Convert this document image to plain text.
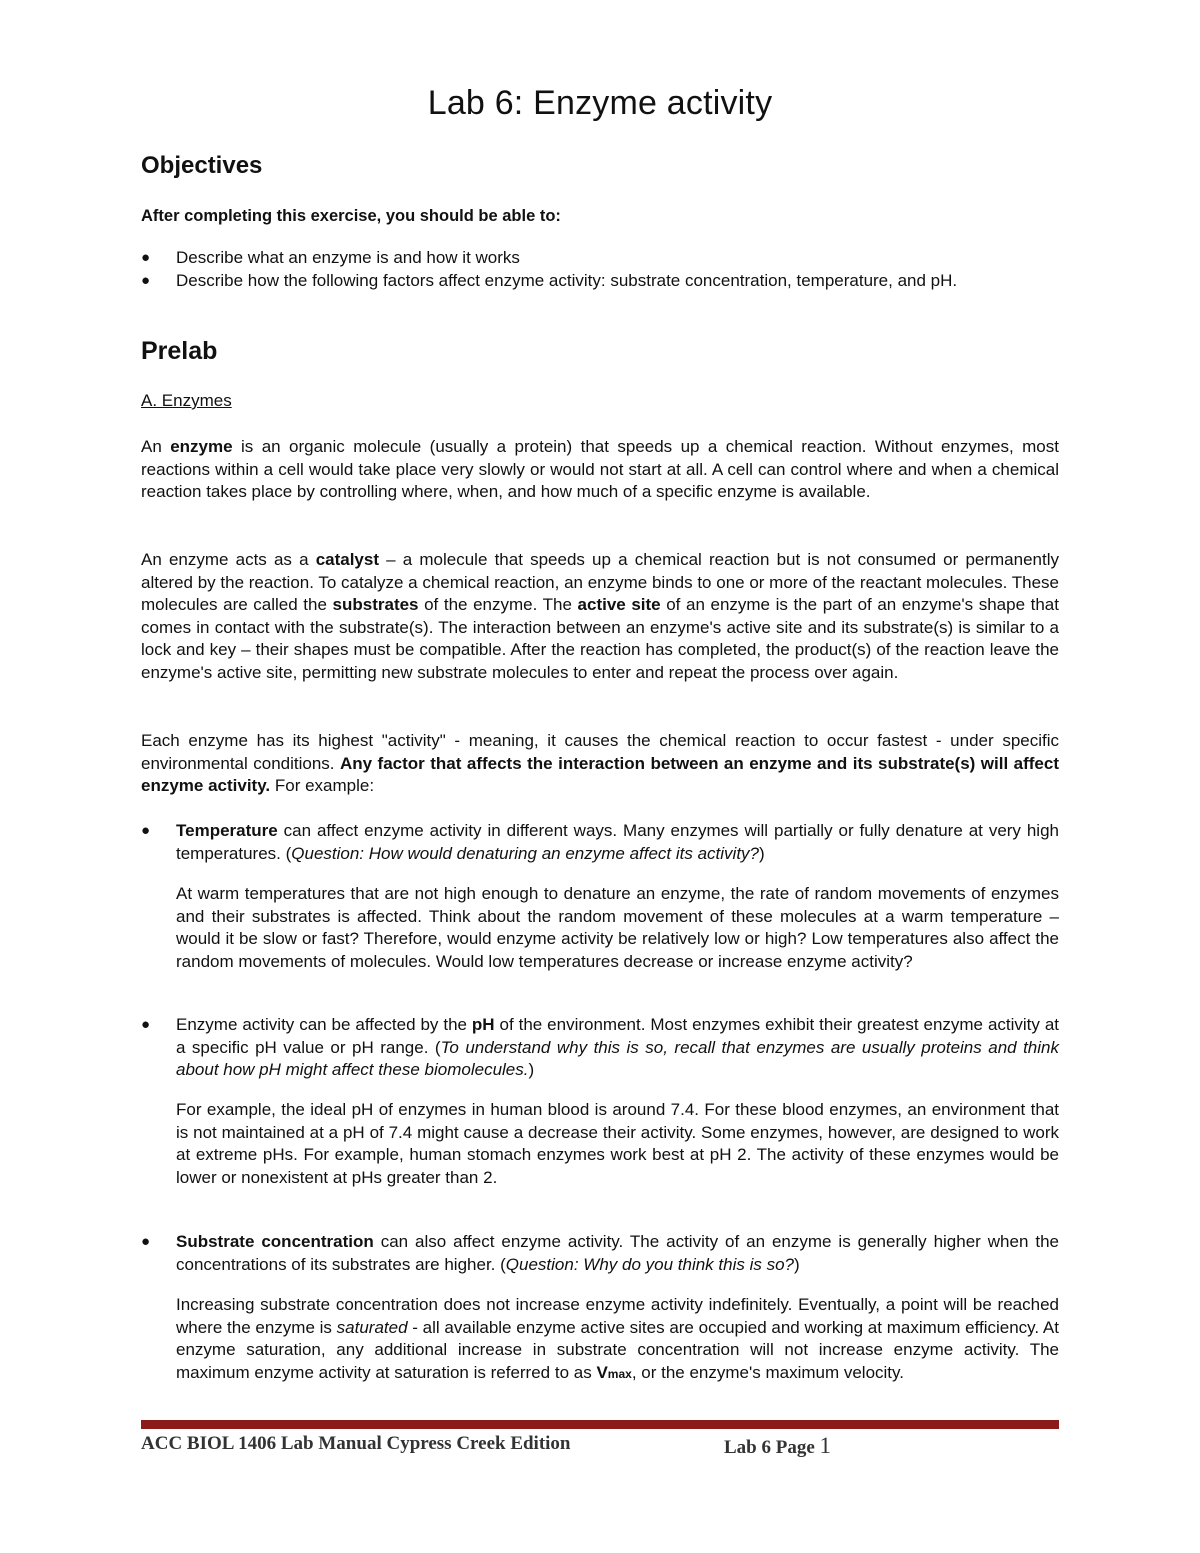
Lab 6: Enzyme activity
Objectives
After completing this exercise, you should be able to:
● Describe what an enzyme is and how it works
● Describe how the following factors affect enzyme activity: substrate concentration, temperature, and pH.
Prelab
A. Enzymes

An enzyme is an organic molecule (usually a protein) that speeds up a chemical reaction. Without enzymes, most reactions within a cell would take place very slowly or would not start at all. A cell can control where and when a chemical reaction takes place by controlling where, when, and how much of a specific enzyme is available.

An enzyme acts as a catalyst – a molecule that speeds up a chemical reaction but is not consumed or permanently altered by the reaction. To catalyze a chemical reaction, an enzyme binds to one or more of the reactant molecules. These molecules are called the substrates of the enzyme. The active site of an enzyme is the part of an enzyme's shape that comes in contact with the substrate(s). The interaction between an enzyme's active site and its substrate(s) is similar to a lock and key – their shapes must be compatible. After the reaction has completed, the product(s) of the reaction leave the enzyme's active site, permitting new substrate molecules to enter and repeat the process over again.

Each enzyme has its highest "activity" - meaning, it causes the chemical reaction to occur fastest - under specific environmental conditions. Any factor that affects the interaction between an enzyme and its substrate(s) will affect enzyme activity. For example:

● Temperature can affect enzyme activity in different ways. Many enzymes will partially or fully denature at very high temperatures. (Question: How would denaturing an enzyme affect its activity?)

At warm temperatures that are not high enough to denature an enzyme, the rate of random movements of enzymes and their substrates is affected. Think about the random movement of these molecules at a warm temperature – would it be slow or fast? Therefore, would enzyme activity be relatively low or high? Low temperatures also affect the random movements of molecules. Would low temperatures decrease or increase enzyme activity?

● Enzyme activity can be affected by the pH of the environment. Most enzymes exhibit their greatest enzyme activity at a specific pH value or pH range. (To understand why this is so, recall that enzymes are usually proteins and think about how pH might affect these biomolecules.)

For example, the ideal pH of enzymes in human blood is around 7.4. For these blood enzymes, an environment that is not maintained at a pH of 7.4 might cause a decrease their activity. Some enzymes, however, are designed to work at extreme pHs. For example, human stomach enzymes work best at pH 2. The activity of these enzymes would be lower or nonexistent at pHs greater than 2.

● Substrate concentration can also affect enzyme activity. The activity of an enzyme is generally higher when the concentrations of its substrates are higher. (Question: Why do you think this is so?)

Increasing substrate concentration does not increase enzyme activity indefinitely. Eventually, a point will be reached where the enzyme is saturated - all available enzyme active sites are occupied and working at maximum efficiency. At enzyme saturation, any additional increase in substrate concentration will not increase enzyme activity. The maximum enzyme activity at saturation is referred to as Vmax, or the enzyme's maximum velocity.

ACC BIOL 1406 Lab Manual Cypress Creek Edition	Lab 6 Page 1
